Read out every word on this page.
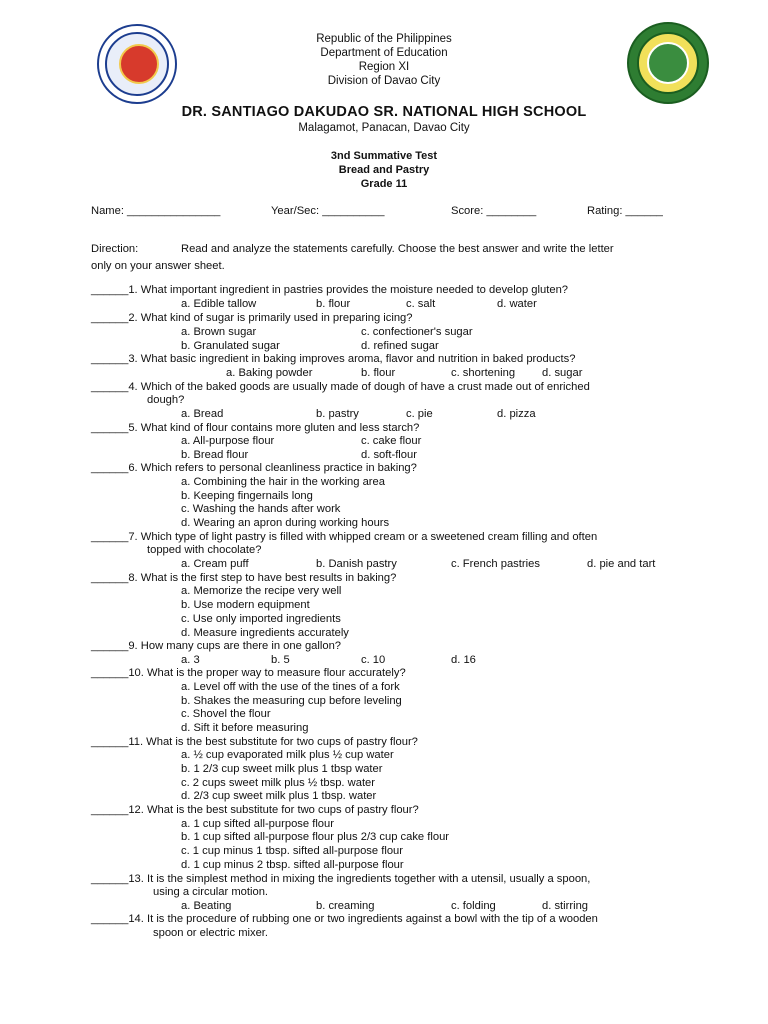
Republic of the Philippines
Department of Education
Region XI
Division of Davao City
DR. SANTIAGO DAKUDAO SR. NATIONAL HIGH SCHOOL
Malagamot, Panacan, Davao City
3nd Summative Test
Bread and Pastry
Grade 11
Name: _______________	Year/Sec: __________	Score: ________	Rating: ______
Direction:	Read and analyze the statements carefully. Choose the best answer and write the letter
only on your answer sheet.
______1. What important ingredient in pastries provides the moisture needed to develop gluten?
a. Edible tallow	b. flour	c. salt	d. water
______2. What kind of sugar is primarily used in preparing icing?
a. Brown sugar	c. confectioner's sugar
b. Granulated sugar	d. refined sugar
______3. What basic ingredient in baking improves aroma, flavor and nutrition in baked products?
a. Baking powder	b. flour	c. shortening d. sugar
______4. Which of the baked goods are usually made of dough of have a crust made out of enriched
dough?
a. Bread	b. pastry	c. pie	d. pizza
______5. What kind of flour contains more gluten and less starch?
a. All-purpose flour	c. cake flour
b. Bread flour	d. soft-flour
______6. Which refers to personal cleanliness practice in baking?
a. Combining the hair in the working area
b. Keeping fingernails long
c. Washing the hands after work
d. Wearing an apron during working hours
______7. Which type of light pastry is filled with whipped cream or a sweetened cream filling and often
topped with chocolate?
a. Cream puff	b. Danish pastry	c. French pastries	d. pie and tart
______8. What is the first step to have best results in baking?
a. Memorize the recipe very well
b. Use modern equipment
c. Use only imported ingredients
d. Measure ingredients accurately
______9. How many cups are there in one gallon?
a. 3	b. 5	c. 10	d. 16
______10. What is the proper way to measure flour accurately?
a. Level off with the use of the tines of a fork
b. Shakes the measuring cup before leveling
c. Shovel the flour
d. Sift it before measuring
______11. What is the best substitute for two cups of pastry flour?
a. ½ cup evaporated milk plus ½ cup water
b. 1 2/3 cup sweet milk plus 1 tbsp water
c. 2 cups sweet milk plus ½ tbsp. water
d. 2/3 cup sweet milk plus 1 tbsp. water
______12. What is the best substitute for two cups of pastry flour?
a. 1 cup sifted all-purpose flour
b. 1 cup sifted all-purpose flour plus 2/3 cup cake flour
c. 1 cup minus 1 tbsp. sifted all-purpose flour
d. 1 cup minus 2 tbsp. sifted all-purpose flour
______13. It is the simplest method in mixing the ingredients together with a utensil, usually a spoon,
using a circular motion.
a. Beating	b. creaming	c. folding	d. stirring
______14. It is the procedure of rubbing one or two ingredients against a bowl with the tip of a wooden
spoon or electric mixer.
